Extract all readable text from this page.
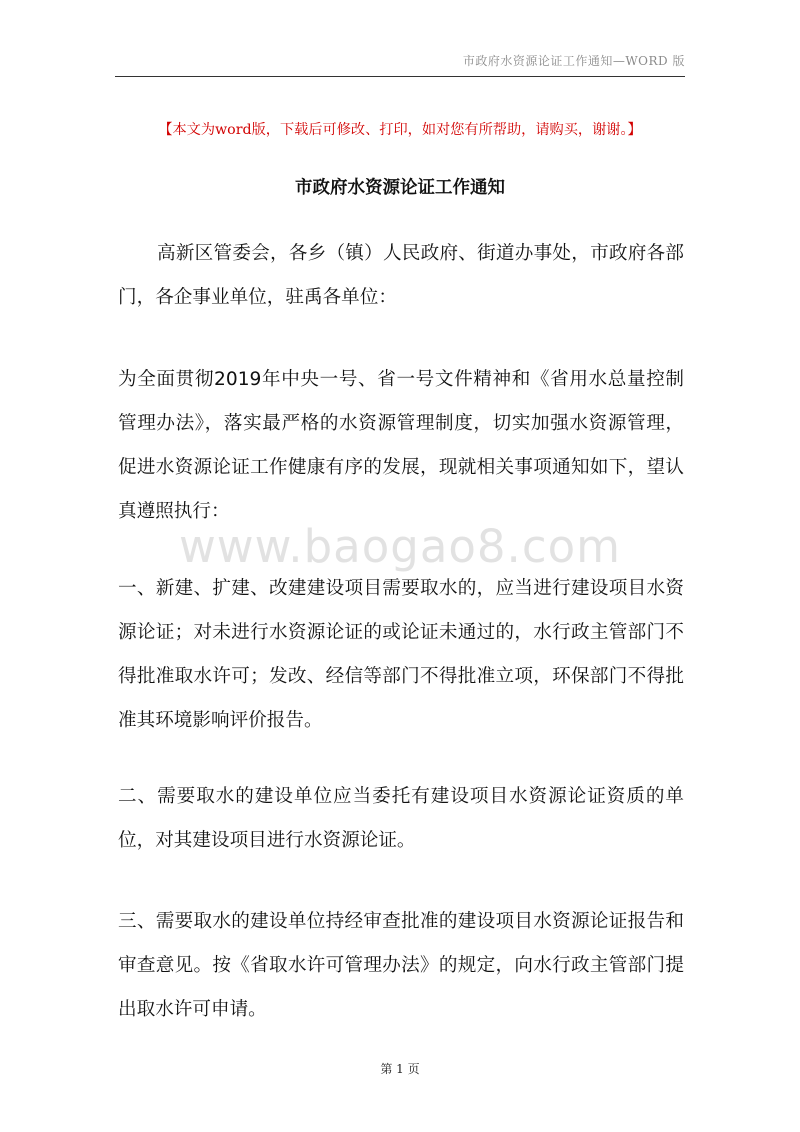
市政府水资源论证工作通知—WORD 版
【本文为word版，下载后可修改、打印，如对您有所帮助，请购买，谢谢。】
市政府水资源论证工作通知
www.baogao8.com
高新区管委会，各乡（镇）人民政府、街道办事处，市政府各部门，各企事业单位，驻禹各单位：
为全面贯彻2019年中央一号、省一号文件精神和《省用水总量控制管理办法》，落实最严格的水资源管理制度，切实加强水资源管理，促进水资源论证工作健康有序的发展，现就相关事项通知如下，望认真遵照执行：
一、新建、扩建、改建建设项目需要取水的，应当进行建设项目水资源论证；对未进行水资源论证的或论证未通过的，水行政主管部门不得批准取水许可；发改、经信等部门不得批准立项，环保部门不得批准其环境影响评价报告。
二、需要取水的建设单位应当委托有建设项目水资源论证资质的单位，对其建设项目进行水资源论证。
三、需要取水的建设单位持经审查批准的建设项目水资源论证报告和审查意见。按《省取水许可管理办法》的规定，向水行政主管部门提出取水许可申请。
第 1 页
